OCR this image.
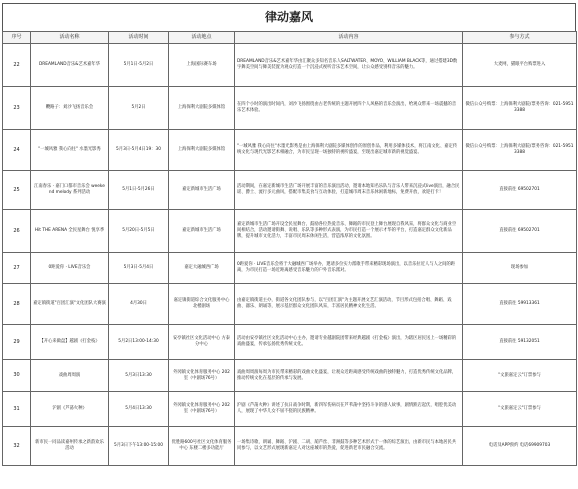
律动嘉风
序号	活动名称	活动时间	活动地点	活动内容	参与方式
22	DREAMLAND音乐&艺术嘉年华	5月1日-5月2日	上海国际赛车场	DREAMLAND音乐&艺术嘉年华由汇聚众多知名音乐人SALTWATER、MOYO、WILLIAM BLACK等，通过搭建3D数字舞美空间与舞美装置为观众打造一个沉浸式视听音乐艺术空间，让公众感受别样音乐的魅力。	大麦网，猫眼平台购票进入
23	鞭路子：刘沙飞扬音乐会	5月2日	上海保利大剧院多媒体馆	在四个小时的演出时间内，刘沙飞扬围绕由古老传统的主题开展四个人风格的音乐会演出，给观众带来一场震撼的音乐艺术体验。	微信公众号购票：上海保利大剧院/票务咨询：021-59513388
24	"一城风雅 我心向往" 水墨光影秀	5月3日-5月4日19：30	上海保利大剧院多媒体馆	"一城风雅 我心向往"水墨光影秀是由上海保利大剧院多媒体创作的原创作品，利用多媒体技术，将江南文化、嘉定传统文化与现代光影艺术相融合，为市民呈现一场独特的视听盛宴，至现出嘉定城市新的视觉盛宴。	微信公众号购票：上海保利大剧院/票务咨询：021-59513388
25	江南春乐 · 嘉门口都市音乐会 weekend melody 系列活动	5月1日-5月26日	嘉定新城市生活广场	活动期间，在嘉定新城市生活广场开展丰富的音乐演出活动，邀请本地知名乐队与音乐人带来沉浸式live演出，融合民谣、爵士、流行多元曲风，搭配市集美食与互动体验，打造城市周末音乐休闲新地标，免费开放，欢迎打卡！	直接前往 69502701
26	Hit THE ARENA 全民星舞台 悦享季	5月20日-5月5日	嘉定新城市生活广场	嘉定新城市生活广场开设全民星舞台，鼓励各位热爱音乐、舞蹈的市民登上舞台展现自我风采，将群众文化与商业空间相结合，活动邀请街舞、说唱、乐队等多种形式表演，为市民打造一个展示才华的平台，打造嘉定群众文化新品牌，提升城市文化活力，丰富市民周末休闲生活，营造浓厚的文化氛围。	直接前往 69502701
27	0距爱你 · LIVE音乐会	5月3日-5月4日	嘉定大融城西广场	0距爱你 · LIVE音乐会将于大融城西广场举办，邀请多位实力派歌手带来精彩现场演出，以音乐拉近人与人之间的距离，为市民打造一场近距离感受音乐魅力的户外音乐派对。	现场参加
28	嘉定镇街道"百团汇演"文化团队大赛演	4月30日	嘉定镇街道综合文化服务中心 北楼剧场	由嘉定镇街道主办，街道各文化团队参与，以"百团汇演"为主题开展文艺汇演活动，节目形式包括合唱、舞蹈、戏曲、器乐、朗诵等，展示基层群众文化团队风采，丰富居民精神文化生活。	直接前往 59913361
29	【开心来做盘】越剧《打金枝》	5月2日13:00-14:30	安亭镇社区文化活动中心 方泰分中心	活动由安亭镇社区文化活动中心主办，邀请专业越剧院团带来经典越剧《打金枝》演出，为辖区居民送上一场精彩的戏曲盛宴，传承弘扬优秀传统文化。	直接前往 59132051
30	戏曲周周演	5月3日13:30	外冈镇文化体育服务中心 202室（中剧场76号）	戏曲周周演每周为市民带来精彩的戏曲文化盛宴，让观众近距离感受传统戏曲的独特魅力，打造优秀传统文化品牌，推动传统文化在基层的传承与发展。	"文旅嘉定云"订票参与
31	沪剧《芦荡火种》	5月4日13:30	外冈镇文化体育服务中心 202室（中剧场76号）	沪剧《芦荡火种》讲述了抗日战争时期，新四军伤病员在芦苇荡中坚持斗争的感人故事，剧情跌宕起伏，唱腔优美动人，展现了中华儿女不屈不挠的民族精神。	"文旅嘉定云"订票参与
32	新市民一同品读嘉州传承之新韵欢乐活动	5月3日下午13:00-15:00	优胜路600号社区文化体育服务中心 东楼二楼多功能厅	一场集诗歌、朗诵、舞蹈、沪剧、二胡、葫芦丝、非洲鼓等多种艺术形式于一体的综艺演出，由新市民与本地居民共同参与，以文艺形式展现新嘉定人对这座城市的热爱，促进新老市民融合交流。	电话及APP预约 电话69909703
